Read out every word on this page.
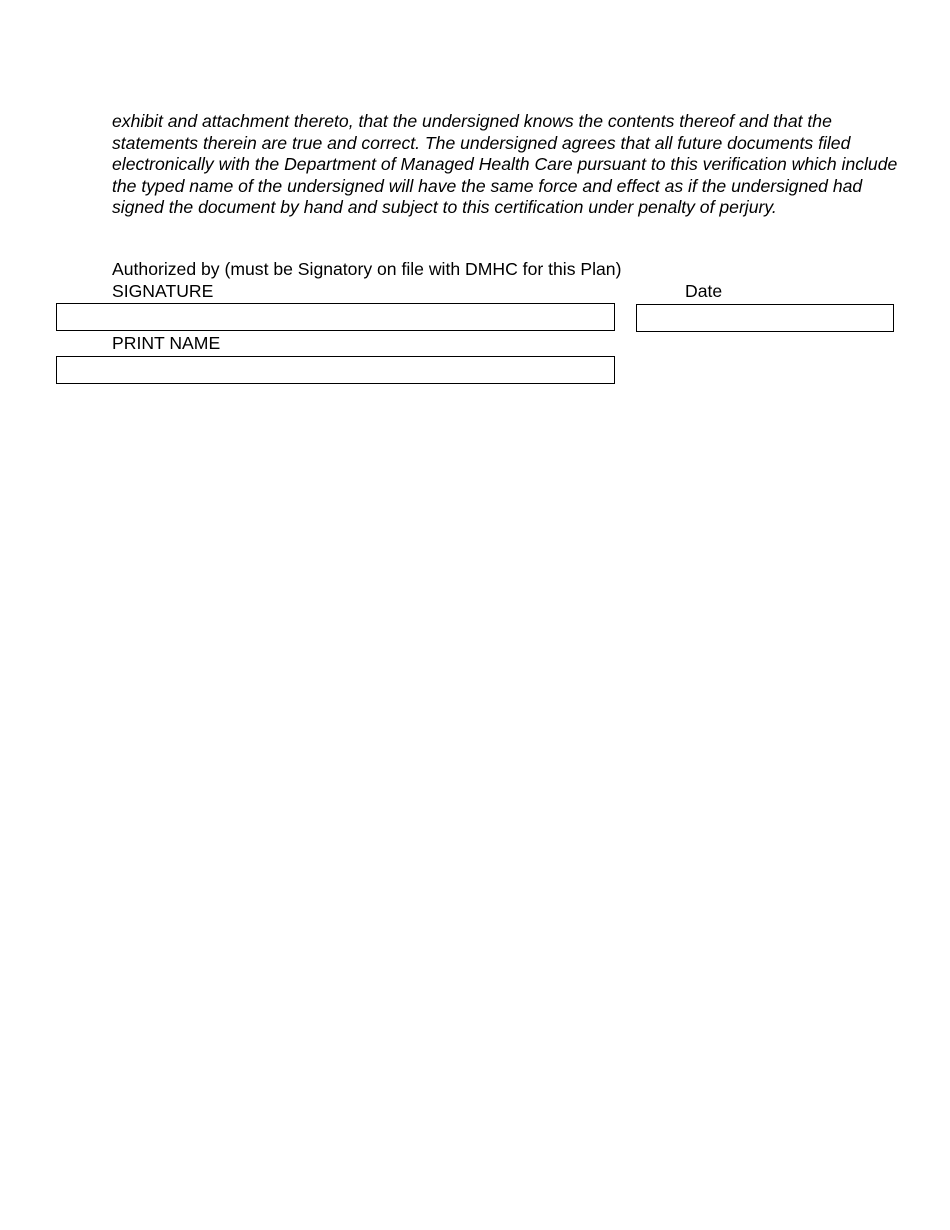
exhibit and attachment thereto, that the undersigned knows the contents thereof and that the statements therein are true and correct. The undersigned agrees that all future documents filed electronically with the Department of Managed Health Care pursuant to this verification which include the typed name of the undersigned will have the same force and effect as if the undersigned had signed the document by hand and subject to this certification under penalty of perjury.

Authorized by (must be Signatory on file with DMHC for this Plan)
SIGNATURE	Date
PRINT NAME
